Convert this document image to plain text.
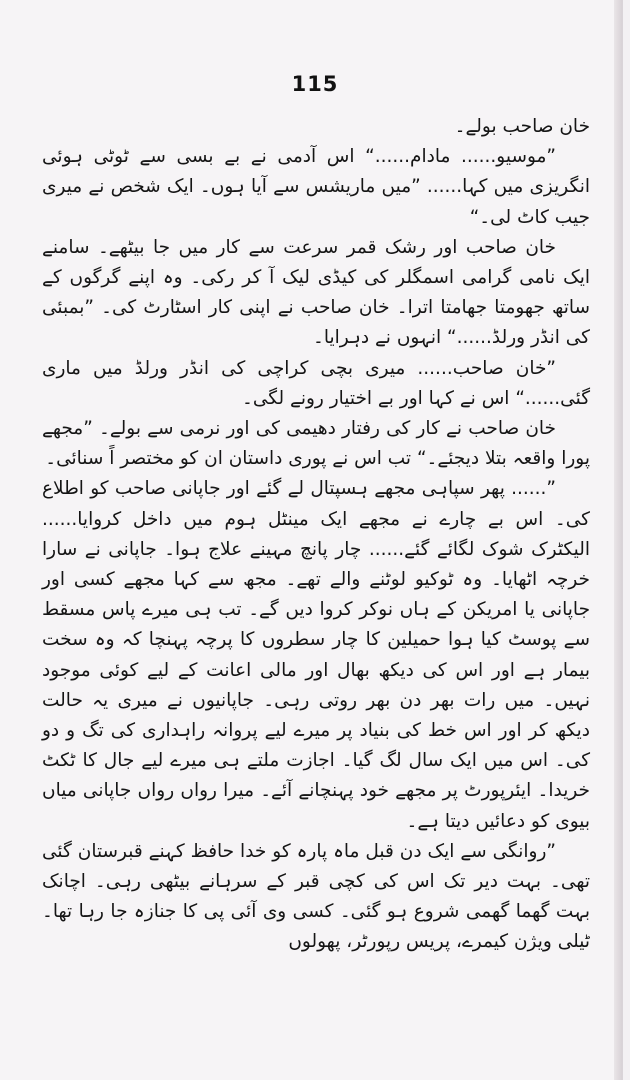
115

خان صاحب بولے۔

”موسیو...... مادام......“ اس آدمی نے بے بسی سے ٹوٹی ہوئی انگریزی میں کہا...... ”میں ماریشس سے آیا ہوں۔ ایک شخص نے میری جیب کاٹ لی۔“

خان صاحب اور رشک قمر سرعت سے کار میں جا بیٹھے۔ سامنے ایک نامی گرامی اسمگلر کی کیڈی لیک آ کر رکی۔ وہ اپنے گرگوں کے ساتھ جھومتا جھامتا اترا۔ خان صاحب نے اپنی کار اسٹارٹ کی۔ ”بمبئی کی انڈر ورلڈ......“ انہوں نے دہرایا۔

”خان صاحب...... میری بچی کراچی کی انڈر ورلڈ میں ماری گئی......“ اس نے کہا اور بے اختیار رونے لگی۔

خان صاحب نے کار کی رفتار دھیمی کی اور نرمی سے بولے۔ ”مجھے پورا واقعہ بتلا دیجئے۔“ تب اس نے پوری داستان ان کو مختصر اً سنائی۔

”...... پھر سپاہی مجھے ہسپتال لے گئے اور جاپانی صاحب کو اطلاع کی۔ اس بے چارے نے مجھے ایک مینٹل ہوم میں داخل کروایا...... الیکٹرک شوک لگائے گئے...... چار پانچ مہینے علاج ہوا۔ جاپانی نے سارا خرچہ اٹھایا۔ وہ ٹوکیو لوٹنے والے تھے۔ مجھ سے کہا مجھے کسی اور جاپانی یا امریکن کے ہاں نوکر کروا دیں گے۔ تب ہی میرے پاس مسقط سے پوسٹ کیا ہوا حمیلین کا چار سطروں کا پرچہ پہنچا کہ وہ سخت بیمار ہے اور اس کی دیکھ بھال اور مالی اعانت کے لیے کوئی موجود نہیں۔ میں رات بھر دن بھر روتی رہی۔ جاپانیوں نے میری یہ حالت دیکھ کر اور اس خط کی بنیاد پر میرے لیے پروانہ راہداری کی تگ و دو کی۔ اس میں ایک سال لگ گیا۔ اجازت ملتے ہی میرے لیے جال کا ٹکٹ خریدا۔ ایئرپورٹ پر مجھے خود پہنچانے آئے۔ میرا رواں رواں جاپانی میاں بیوی کو دعائیں دیتا ہے۔

”روانگی سے ایک دن قبل ماہ پارہ کو خدا حافظ کہنے قبرستان گئی تھی۔ بہت دیر تک اس کی کچی قبر کے سرہانے بیٹھی رہی۔ اچانک بہت گھما گھمی شروع ہو گئی۔ کسی وی آئی پی کا جنازہ جا رہا تھا۔ ٹیلی ویژن کیمرے، پریس رپورٹر، پھولوں
